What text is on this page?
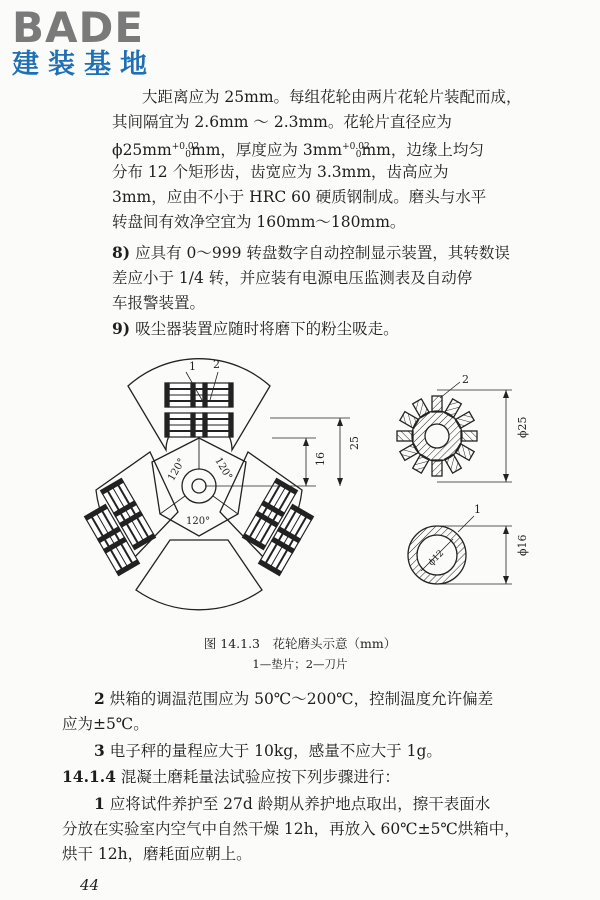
BADE
建装基地
大距离应为 25mm。每组花轮由两片花轮片装配而成，
其间隔宜为 2.6mm ～ 2.3mm。花轮片直径应为
$\phi 25mm^{+0.02}0mm$，厚度应为 $3mm^{+0.02}0mm$，边缘上均匀
分布 12 个矩形齿，齿宽应为 3.3mm，齿高应为
3mm，应由不小于 HRC 60 硬质钢制成。磨头与水平
转盘间有效净空宜为 160mm～180mm。
8) 应具有 0～999 转盘数字自动控制显示装置，其转数误
差应小于 1/4 转，并应装有电源电压监测表及自动停
车报警装置。
9) 吸尘器装置应随时将磨下的粉尘吸走。
1 2
120° 120°
120°
16
25
2
ϕ25
1
ϕ12
ϕ16
图 14.1.3　花轮磨头示意（mm）
1—垫片；2—刀片
2 烘箱的调温范围应为 50℃～200℃，控制温度允许偏差
应为±5℃。
3 电子秤的量程应大于 10kg，感量不应大于 1g。
14.1.4 混凝土磨耗量法试验应按下列步骤进行：
1 应将试件养护至 27d 龄期从养护地点取出，擦干表面水
分放在实验室内空气中自然干燥 12h，再放入 60℃±5℃烘箱中，
烘干 12h，磨耗面应朝上。
44
